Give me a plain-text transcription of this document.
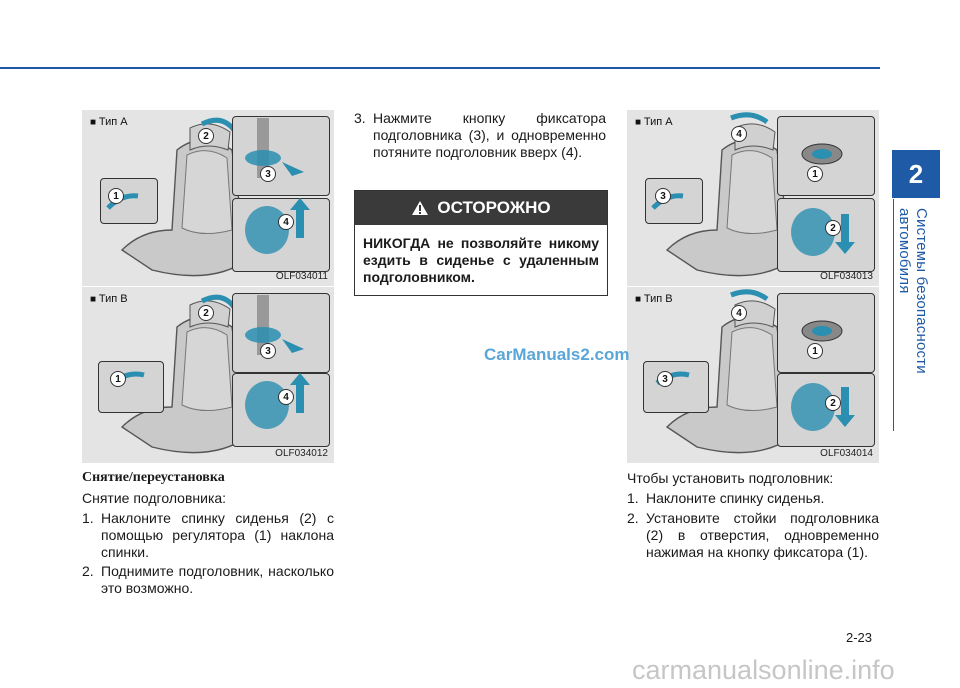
2
Системы безопасности автомобиля
■ Тип A
1
2
3
4
OLF034011
■ Тип B
1
2
3
4
OLF034012
■ Тип A
1
2
3
4
OLF034013
■ Тип B
1
2
3
4
OLF034014
Снятие/переустановка
Снятие подголовника:
1. Наклоните спинку сиденья (2) с помощью регулятора (1) наклона спинки.
2. Поднимите подголовник, насколько это возможно.
3. Нажмите кнопку фиксатора подголовника (3), и одновременно потяните подголовник вверх (4).
ОСТОРОЖНО
НИКОГДА не позволяйте никому ездить в сиденье с удаленным подголовником.
CarManuals2.com
Чтобы установить подголовник:
1. Наклоните спинку сиденья.
2. Установите стойки подголовника (2) в отверстия, одновременно нажимая на кнопку фиксатора (1).
2-23
carmanualsonline.info
